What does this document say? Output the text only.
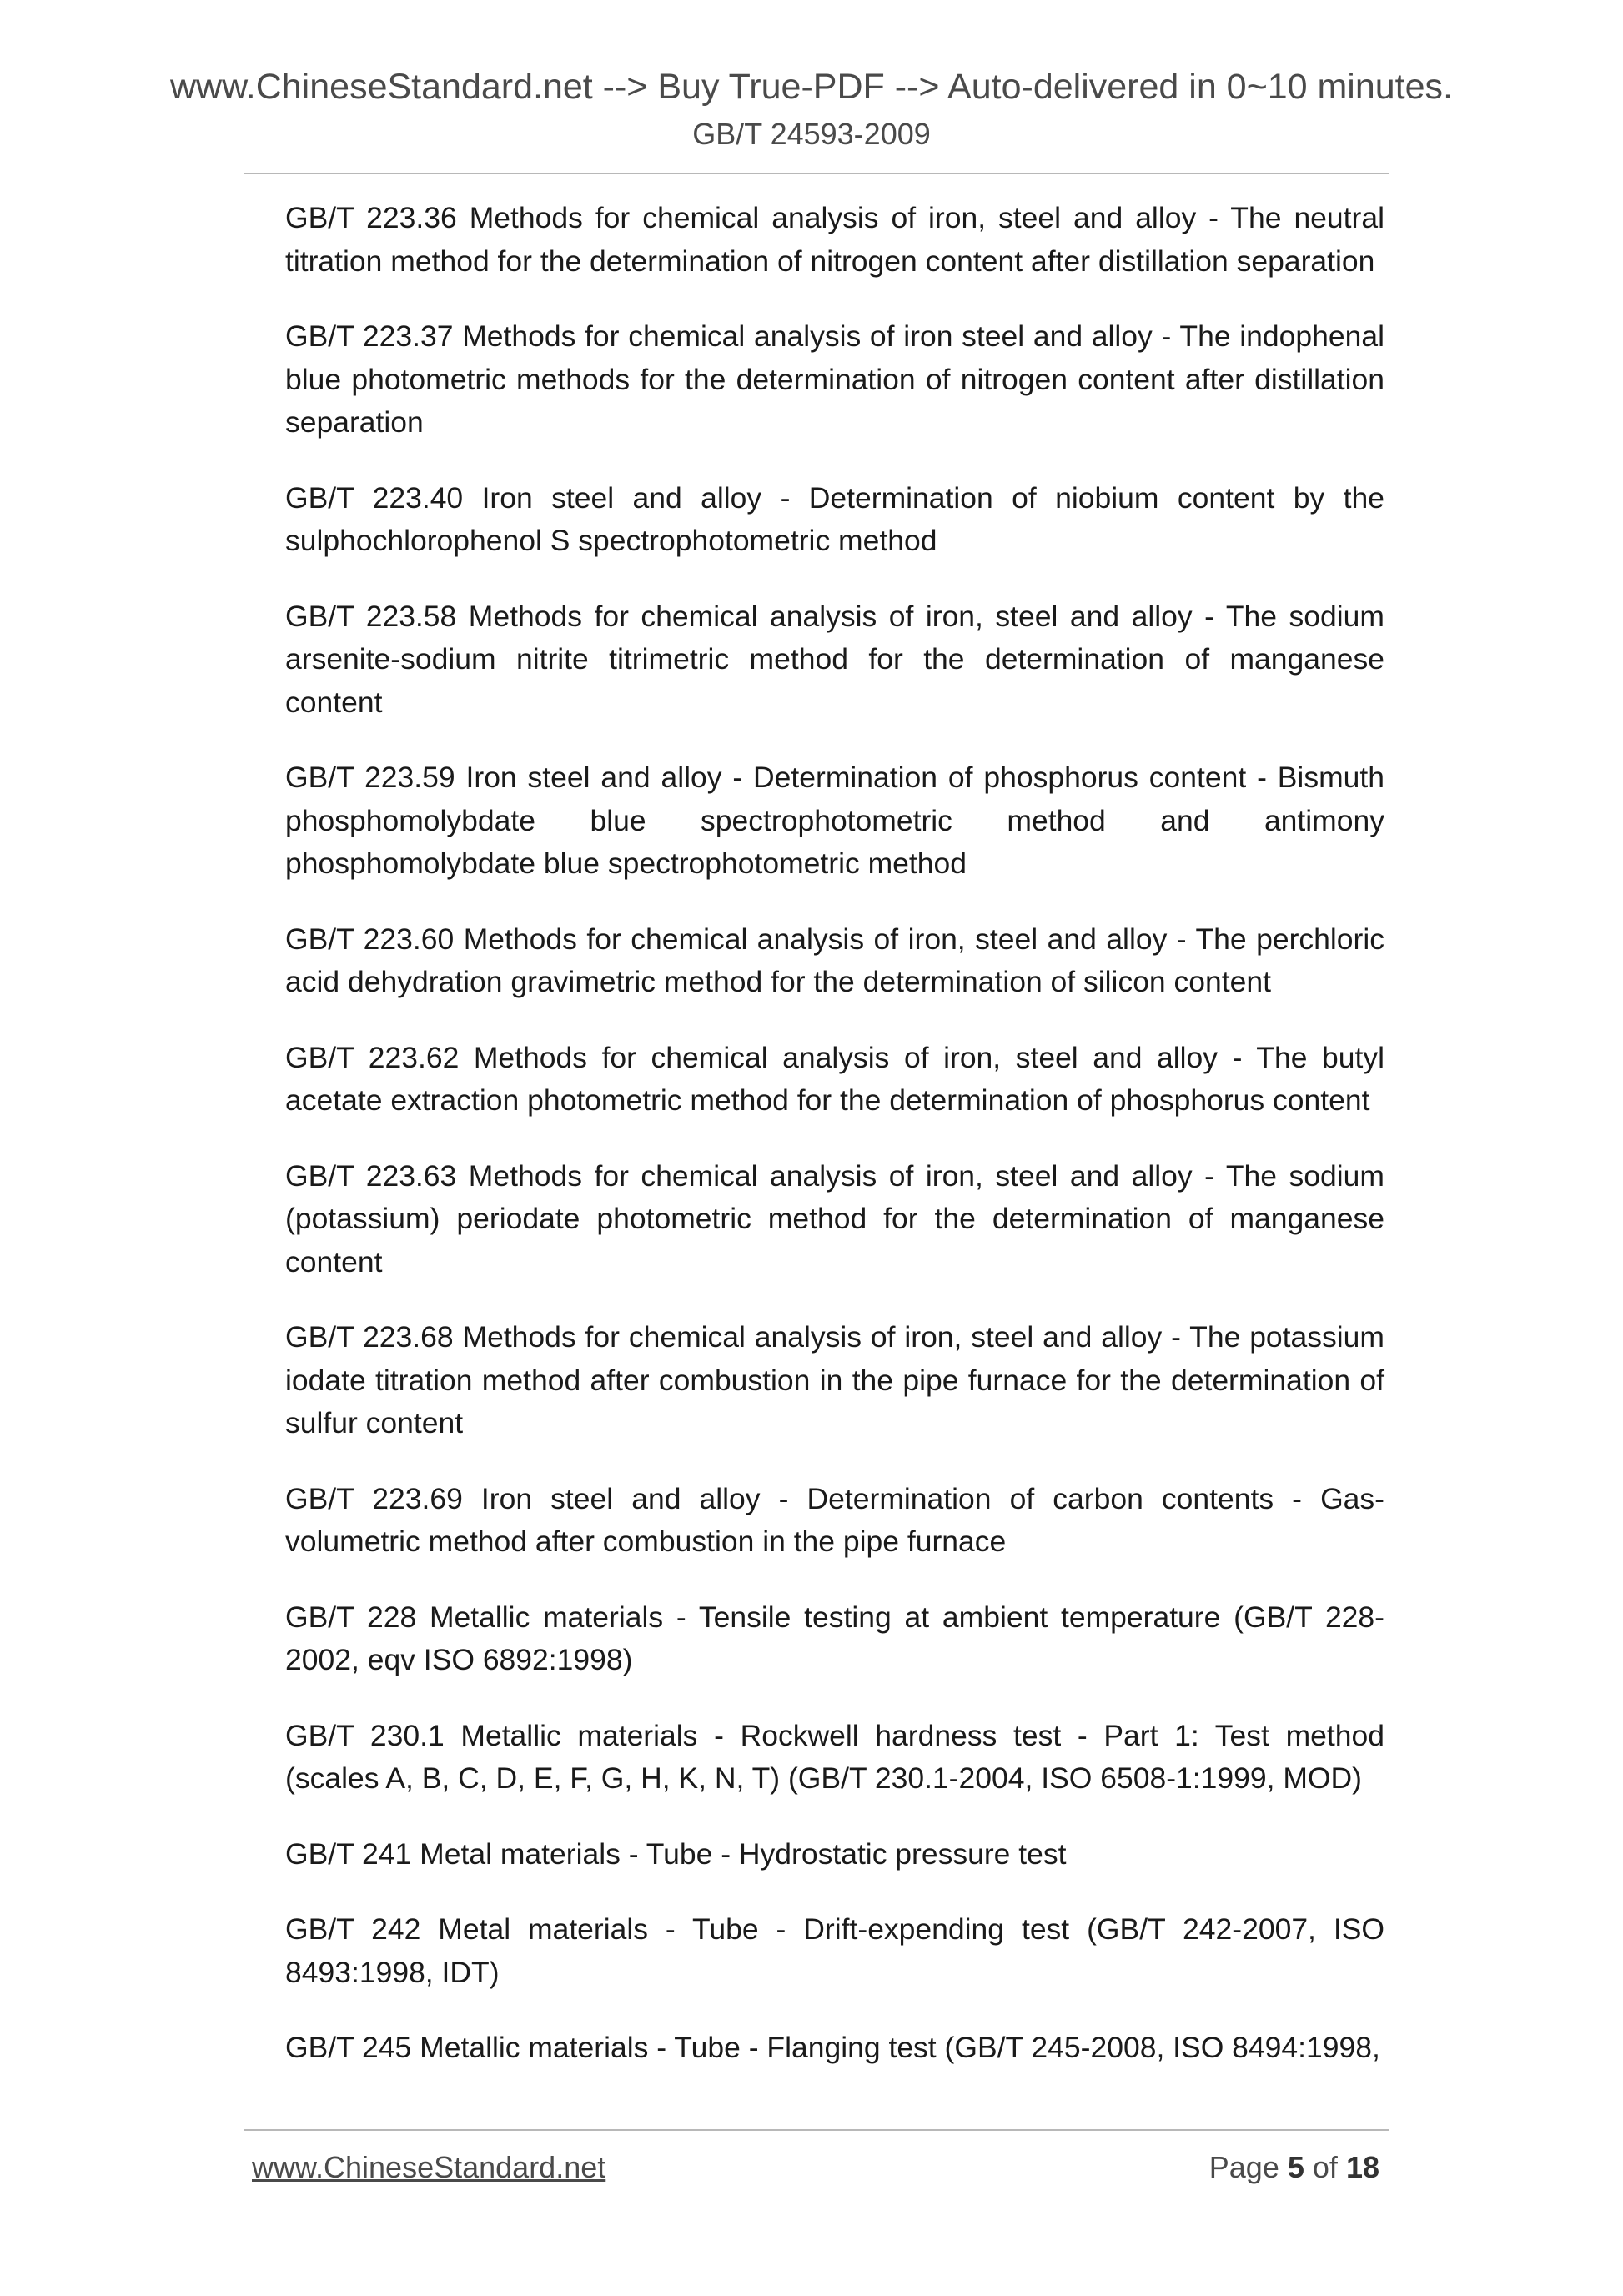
www.ChineseStandard.net --> Buy True-PDF --> Auto-delivered in 0~10 minutes.
GB/T 24593-2009

GB/T 223.36 Methods for chemical analysis of iron, steel and alloy - The neutral titration method for the determination of nitrogen content after distillation separation

GB/T 223.37 Methods for chemical analysis of iron steel and alloy - The indophenal blue photometric methods for the determination of nitrogen content after distillation separation

GB/T 223.40 Iron steel and alloy - Determination of niobium content by the sulphochlorophenol S spectrophotometric method

GB/T 223.58 Methods for chemical analysis of iron, steel and alloy - The sodium arsenite-sodium nitrite titrimetric method for the determination of manganese content

GB/T 223.59 Iron steel and alloy - Determination of phosphorus content - Bismuth phosphomolybdate blue spectrophotometric method and antimony phosphomolybdate blue spectrophotometric method

GB/T 223.60 Methods for chemical analysis of iron, steel and alloy - The perchloric acid dehydration gravimetric method for the determination of silicon content

GB/T 223.62 Methods for chemical analysis of iron, steel and alloy - The butyl acetate extraction photometric method for the determination of phosphorus content

GB/T 223.63 Methods for chemical analysis of iron, steel and alloy - The sodium (potassium) periodate photometric method for the determination of manganese content

GB/T 223.68 Methods for chemical analysis of iron, steel and alloy - The potassium iodate titration method after combustion in the pipe furnace for the determination of sulfur content

GB/T 223.69 Iron steel and alloy - Determination of carbon contents - Gas-volumetric method after combustion in the pipe furnace

GB/T 228 Metallic materials - Tensile testing at ambient temperature (GB/T 228-2002, eqv ISO 6892:1998)

GB/T 230.1 Metallic materials - Rockwell hardness test - Part 1: Test method (scales A, B, C, D, E, F, G, H, K, N, T) (GB/T 230.1-2004, ISO 6508-1:1999, MOD)

GB/T 241 Metal materials - Tube - Hydrostatic pressure test

GB/T 242 Metal materials - Tube - Drift-expending test (GB/T 242-2007, ISO 8493:1998, IDT)

GB/T 245 Metallic materials - Tube - Flanging test (GB/T 245-2008, ISO 8494:1998,

www.ChineseStandard.net	Page 5 of 18
